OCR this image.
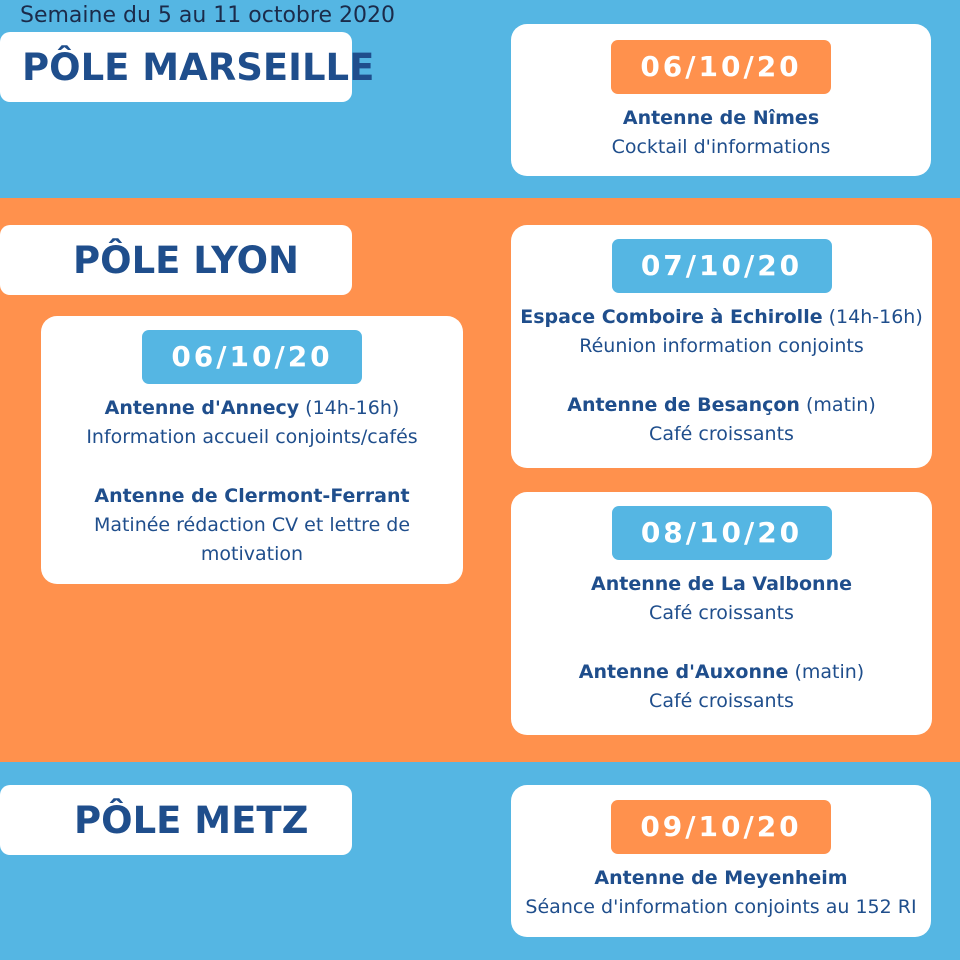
Semaine du 5 au 11 octobre 2020
PÔLE MARSEILLE
PÔLE LYON
PÔLE METZ
06/10/20
Antenne de Nîmes
Cocktail d'informations
06/10/20
Antenne d'Annecy (14h-16h)
Information accueil conjoints/cafés
Antenne de Clermont-Ferrant
Matinée rédaction CV et lettre de motivation
07/10/20
Espace Comboire à Echirolle (14h-16h)
Réunion information conjoints
Antenne de Besançon (matin)
Café croissants
08/10/20
Antenne de La Valbonne
Café croissants
Antenne d'Auxonne (matin)
Café croissants
09/10/20
Antenne de Meyenheim
Séance d'information conjoints au 152 RI
